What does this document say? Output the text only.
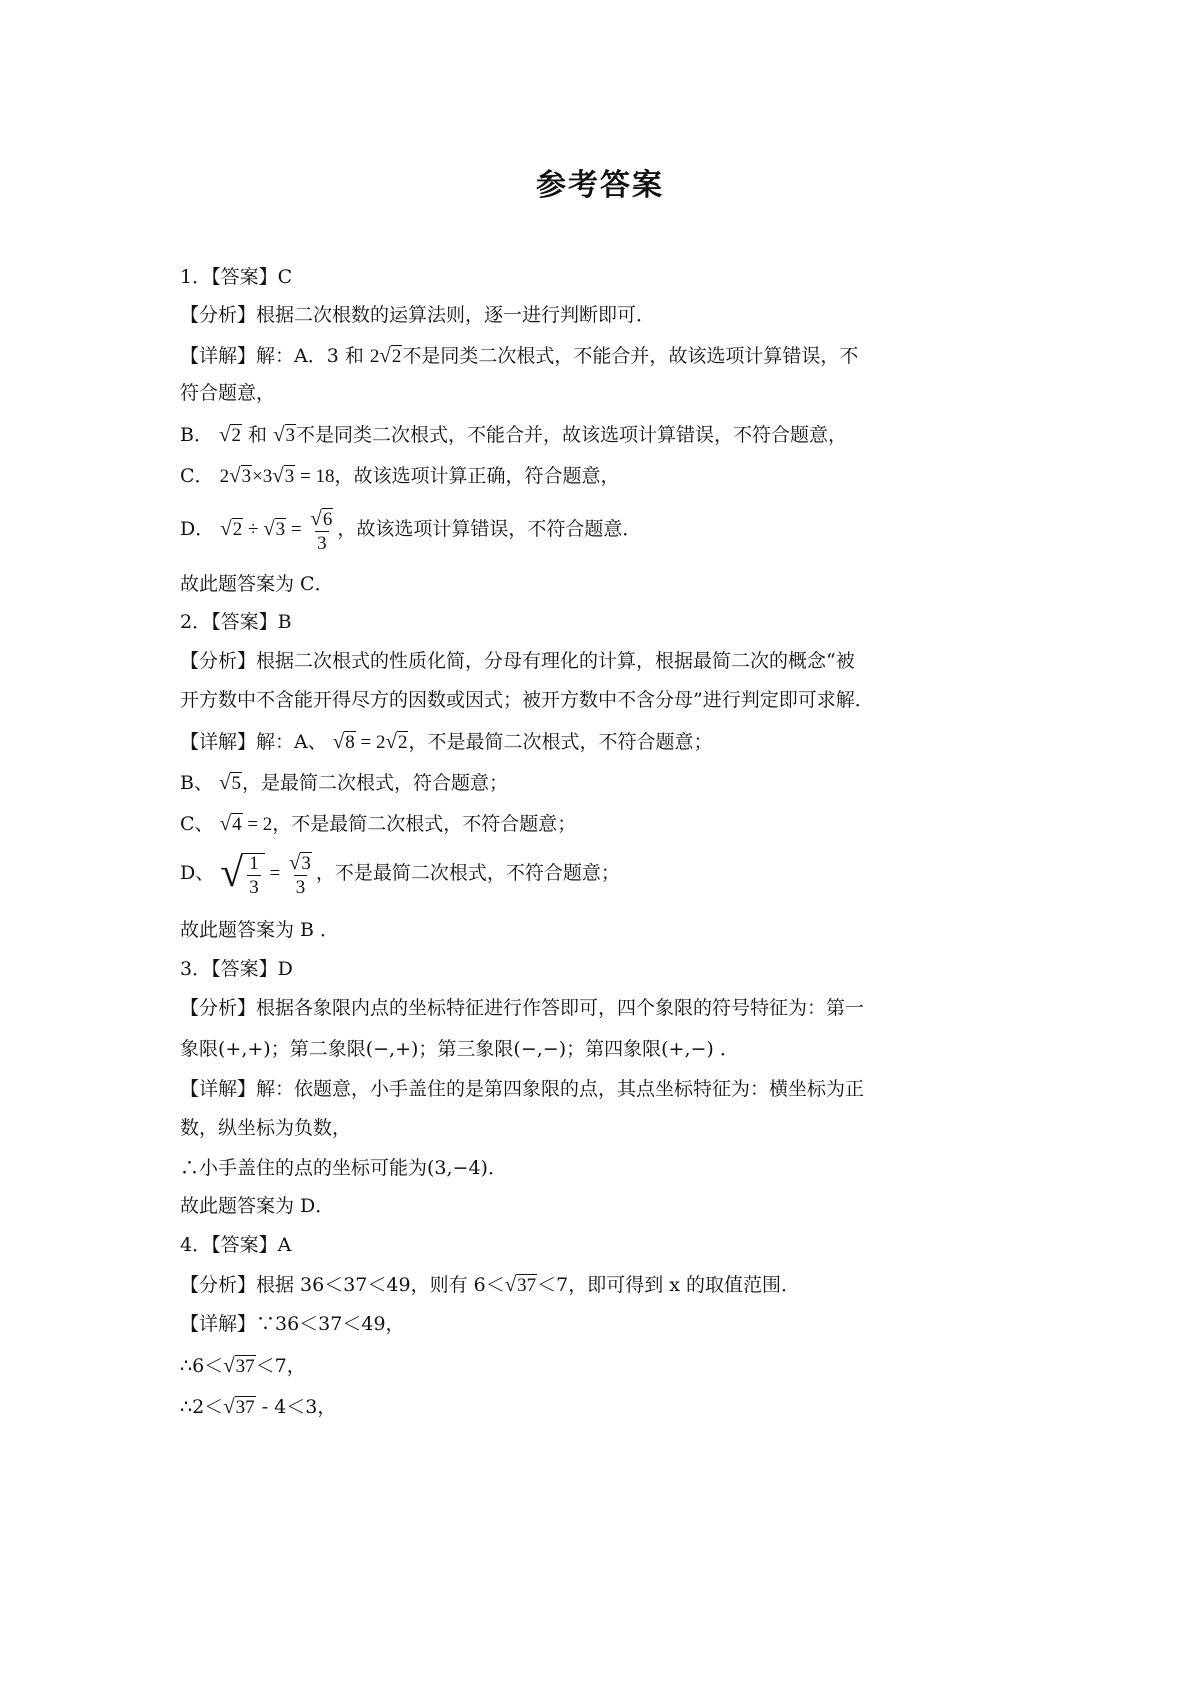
参考答案
1．【答案】C
【分析】根据二次根数的运算法则，逐一进行判断即可．
【详解】解：A．3 和 2 √ 2 不是同类二次根式，不能合并，故该选项计算错误，不
符合题意，
B． √ 2 和 √ 3 不是同类二次根式，不能合并，故该选项计算错误，不符合题意，
C． 2 √ 3 ×3 √ 3 = 18，故该选项计算正确，符合题意，
D． √ 2 ÷ √ $3 = \frac{√ 6}{3}$ ，故该选项计算错误，不符合题意．
故此题答案为 C．
2．【答案】B
【分析】根据二次根式的性质化简，分母有理化的计算，根据最简二次的概念“被
开方数中不含能开得尽方的因数或因式；被开方数中不含分母”进行判定即可求解．
【详解】解：A、 √ 8 = 2 √ 2 ，不是最简二次根式，不符合题意；
B、 √ 5 ，是最简二次根式，符合题意；
C、 √ 4 = 2，不是最简二次根式，不符合题意；
D、 √ $\frac{1}{3} = \frac{√ 3}{3}$ ，不是最简二次根式，不符合题意；
故此题答案为 B ．
3．【答案】D
【分析】根据各象限内点的坐标特征进行作答即可，四个象限的符号特征为：第一
象限(+,+)；第二象限(−,+)；第三象限(−,−)；第四象限(+,−) ．
【详解】解：依题意，小手盖住的是第四象限的点，其点坐标特征为：横坐标为正
数，纵坐标为负数，
∴小手盖住的点的坐标可能为(3,−4)．
故此题答案为 D．
4．【答案】A
【分析】根据 36＜37＜49，则有 6＜ √ 37 ＜7，即可得到 x 的取值范围．
【详解】∵36＜37＜49，
∴6＜ √ 37 ＜7，
∴2＜ √ 37 - 4＜3，
